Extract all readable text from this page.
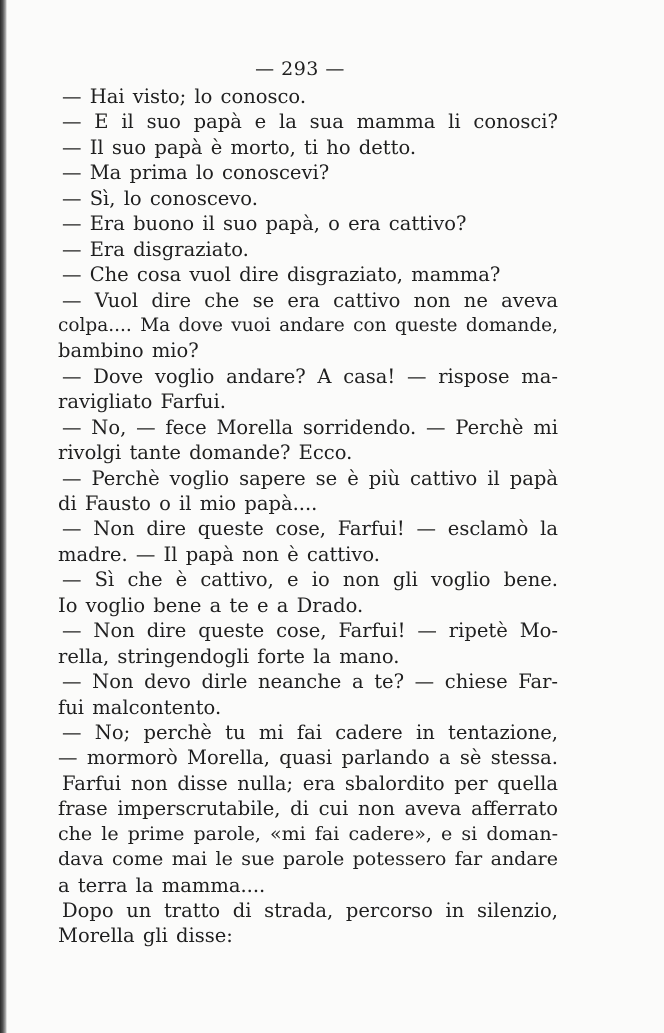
— 293 —
— Hai visto; lo conosco.
— E il suo papà e la sua mamma li conosci?
— Il suo papà è morto, ti ho detto.
— Ma prima lo conoscevi?
— Sì, lo conoscevo.
— Era buono il suo papà, o era cattivo?
— Era disgraziato.
— Che cosa vuol dire disgraziato, mamma?
— Vuol dire che se era cattivo non ne aveva
colpa.... Ma dove vuoi andare con queste domande,
bambino mio?
— Dove voglio andare? A casa! — rispose ma-
ravigliato Farfui.
— No, — fece Morella sorridendo. — Perchè mi
rivolgi tante domande? Ecco.
— Perchè voglio sapere se è più cattivo il papà
di Fausto o il mio papà....
— Non dire queste cose, Farfui! — esclamò la
madre. — Il papà non è cattivo.
— Sì che è cattivo, e io non gli voglio bene.
Io voglio bene a te e a Drado.
— Non dire queste cose, Farfui! — ripetè Mo-
rella, stringendogli forte la mano.
— Non devo dirle neanche a te? — chiese Far-
fui malcontento.
— No; perchè tu mi fai cadere in tentazione,
— mormorò Morella, quasi parlando a sè stessa.
Farfui non disse nulla; era sbalordito per quella
frase imperscrutabile, di cui non aveva afferrato
che le prime parole, «mi fai cadere», e si doman-
dava come mai le sue parole potessero far andare
a terra la mamma....
Dopo un tratto di strada, percorso in silenzio,
Morella gli disse:
